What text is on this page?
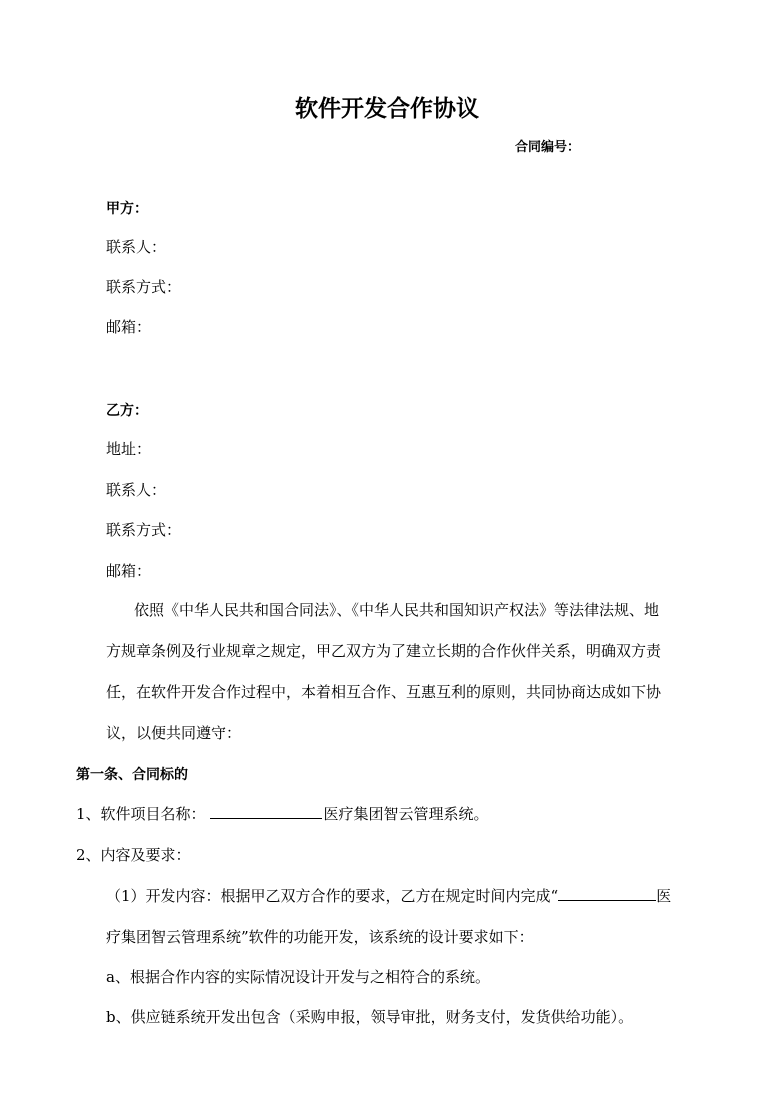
软件开发合作协议
合同编号：
甲方：
联系人：
联系方式：
邮箱：
乙方：
地址：
联系人：
联系方式：
邮箱：
依照《中华人民共和国合同法》、《中华人民共和国知识产权法》等法律法规、地
方规章条例及行业规章之规定，甲乙双方为了建立长期的合作伙伴关系，明确双方责
任，在软件开发合作过程中，本着相互合作、互惠互利的原则，共同协商达成如下协
议，以便共同遵守：
第一条、合同标的
1、软件项目名称：	医疗集团智云管理系统。
2、内容及要求：
（1）开发内容：根据甲乙双方合作的要求，乙方在规定时间内完成“	医
疗集团智云管理系统”软件的功能开发，该系统的设计要求如下：
a、根据合作内容的实际情况设计开发与之相符合的系统。
b、供应链系统开发出包含（采购申报，领导审批，财务支付，发货供给功能）。
